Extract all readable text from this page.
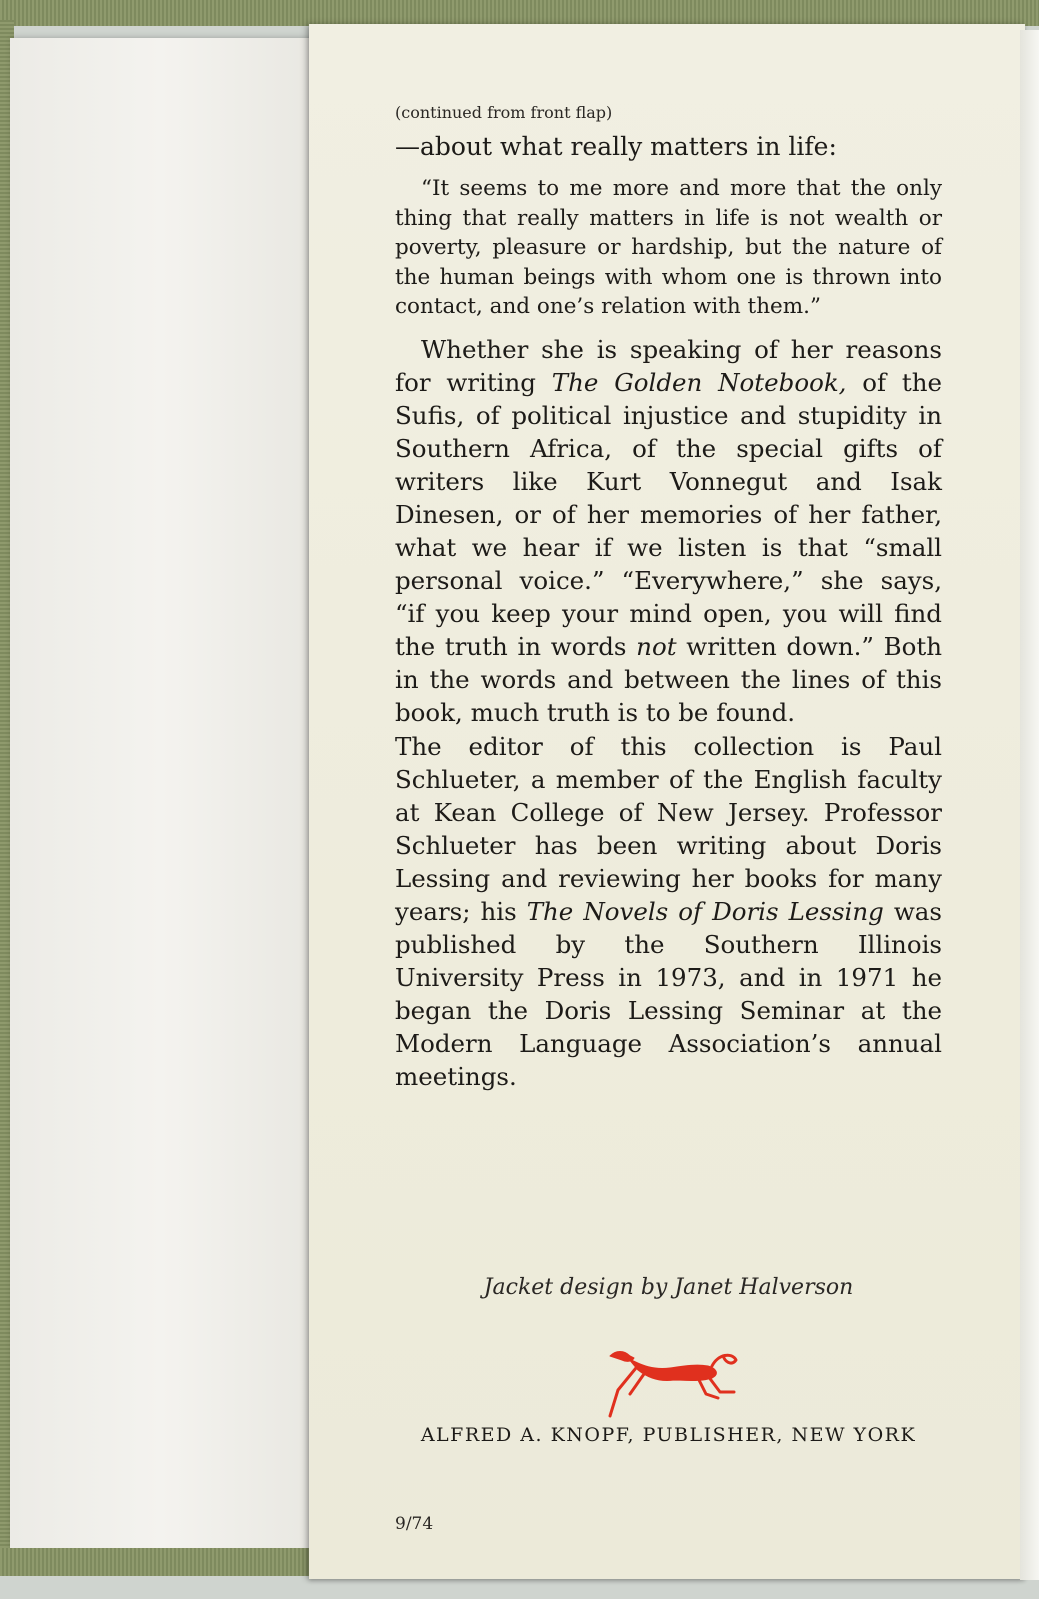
(continued from front flap)
—about what really matters in life:
“It seems to me more and more that the only thing that really matters in life is not wealth or poverty, pleasure or hardship, but the nature of the human beings with whom one is thrown into contact, and one’s relation with them.”
Whether she is speaking of her reasons for writing The Golden Notebook, of the Sufis, of political injustice and stupidity in Southern Africa, of the special gifts of writers like Kurt Vonnegut and Isak Dinesen, or of her memories of her father, what we hear if we listen is that “small personal voice.” “Everywhere,” she says, “if you keep your mind open, you will find the truth in words not written down.” Both in the words and between the lines of this book, much truth is to be found.
The editor of this collection is Paul Schlueter, a member of the English faculty at Kean College of New Jersey. Professor Schlueter has been writing about Doris Lessing and reviewing her books for many years; his The Novels of Doris Lessing was published by the Southern Illinois University Press in 1973, and in 1971 he began the Doris Lessing Seminar at the Modern Language Association’s annual meetings.
Jacket design by Janet Halverson
ALFRED A. KNOPF, PUBLISHER, NEW YORK
9/74
